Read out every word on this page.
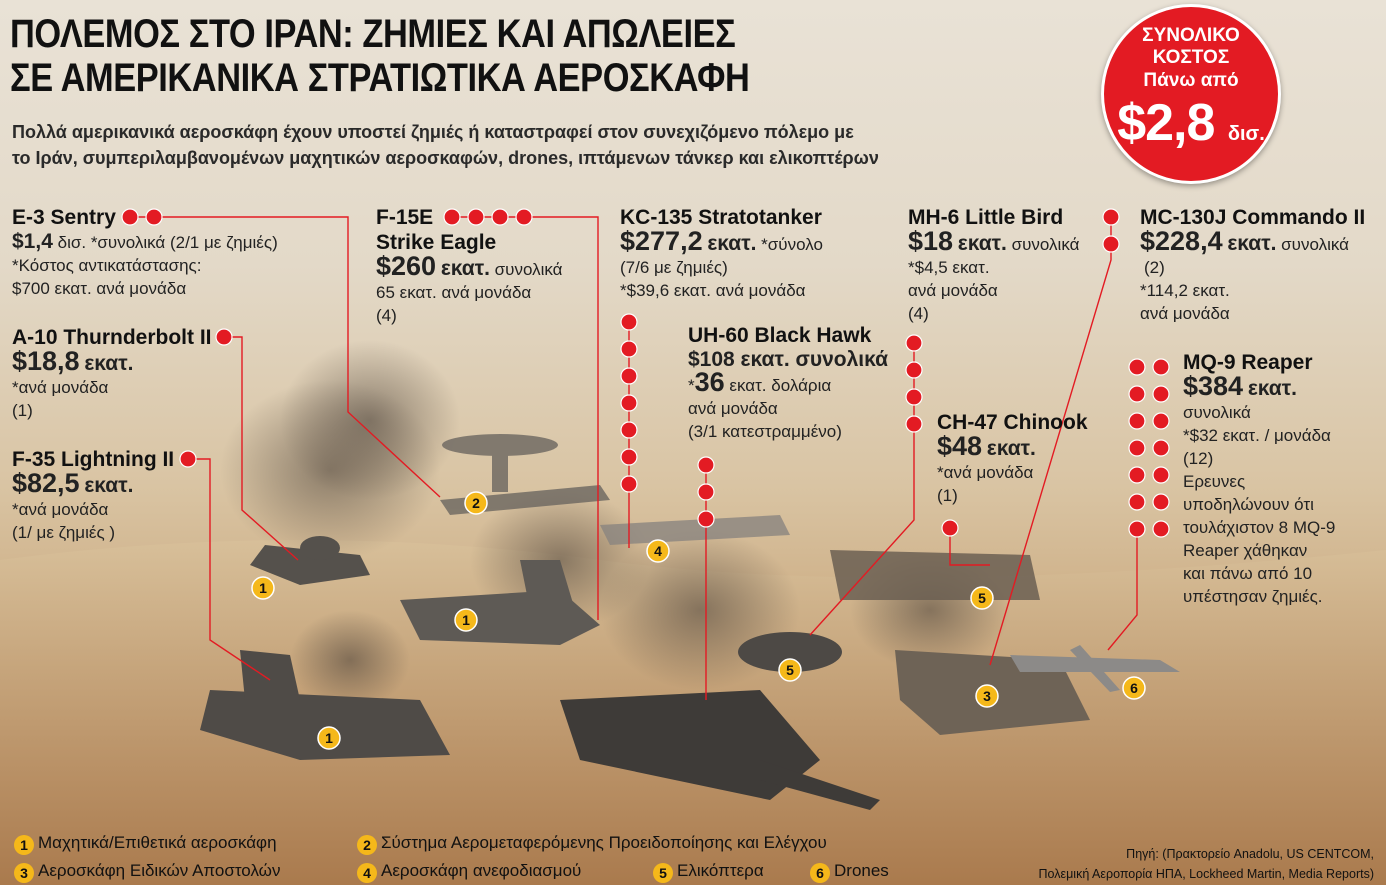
1
1
1
2
4
5
5
3	6
ΠΟΛΕΜΟΣ ΣΤΟ ΙΡΑΝ: ΖΗΜΙΕΣ ΚΑΙ ΑΠΩΛΕΙΕΣ
ΣΕ ΑΜΕΡΙΚΑΝΙΚΑ ΣΤΡΑΤΙΩΤΙΚΑ ΑΕΡΟΣΚΑΦΗ
Πολλά αμερικανικά αεροσκάφη έχουν υποστεί ζημιές ή καταστραφεί στον συνεχιζόμενο πόλεμο με
το Ιράν, συμπεριλαμβανομένων μαχητικών αεροσκαφών, drones, ιπτάμενων τάνκερ και ελικοπτέρων
ΣΥΝΟΛΙΚΟ
ΚΟΣΤΟΣ
Πάνω από
$2,8 δισ.
E-3 Sentry
$1,4 δισ. *συνολικά (2/1 με ζημιές)
*Κόστος αντικατάστασης:
$700 εκατ. ανά μονάδα
A-10 Thurnderbolt II
$18,8 εκατ.
*ανά μονάδα
(1)
F-35 Lightning II
$82,5 εκατ.
*ανά μονάδα
(1/ με ζημιές )
F-15E
Strike Eagle
$260 εκατ. συνολικά
65 εκατ. ανά μονάδα
(4)
KC-135 Stratotanker
$277,2 εκατ. *σύνολο
(7/6 με ζημιές)
*$39,6 εκατ. ανά μονάδα
UH-60 Black Hawk
$108 εκατ. συνολικά
*36 εκατ. δολάρια
ανά μονάδα
(3/1 κατεστραμμένο)
MH-6 Little Bird
$18 εκατ. συνολικά
*$4,5 εκατ.
ανά μονάδα
(4)
CH-47 Chinook
$48 εκατ.
*ανά μονάδα
(1)
MC-130J Commando II
$228,4 εκατ. συνολικά
(2)
*114,2 εκατ.
ανά μονάδα
MQ-9 Reaper
$384 εκατ.
συνολικά
*$32 εκατ. / μονάδα
(12)
Ερευνες
υποδηλώνουν ότι
τουλάχιστον 8 MQ-9
Reaper χάθηκαν
και πάνω από 10
υπέστησαν ζημιές.
1 Μαχητικά/Επιθετικά αεροσκάφη	2 Σύστημα Αερομεταφερόμενης Προειδοποίησης και Ελέγχου
3 Αεροσκάφη Ειδικών Αποστολών	4 Αεροσκάφη ανεφοδιασμού	5 Ελικόπτερα	6 Drones
Πηγή: (Πρακτορείο Anadolu, US CENTCOM,
Πολεμική Αεροπορία ΗΠΑ, Lockheed Martin, Media Reports)
